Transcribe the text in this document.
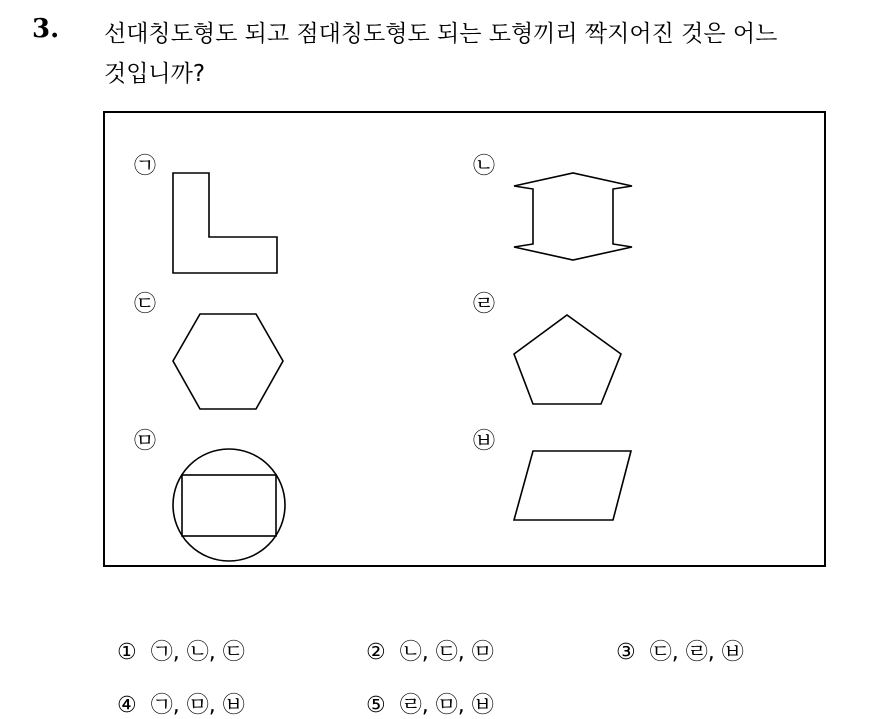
3. 선대칭도형도 되고 점대칭도형도 되는 도형끼리 짝지어진 것은 어느
것입니까?
㉠	㉡
㉢	㉣
㉤	㉥
① ㉠, ㉡, ㉢	② ㉡, ㉢, ㉤	③ ㉢, ㉣, ㉥
④ ㉠, ㉤, ㉥	⑤ ㉣, ㉤, ㉥
